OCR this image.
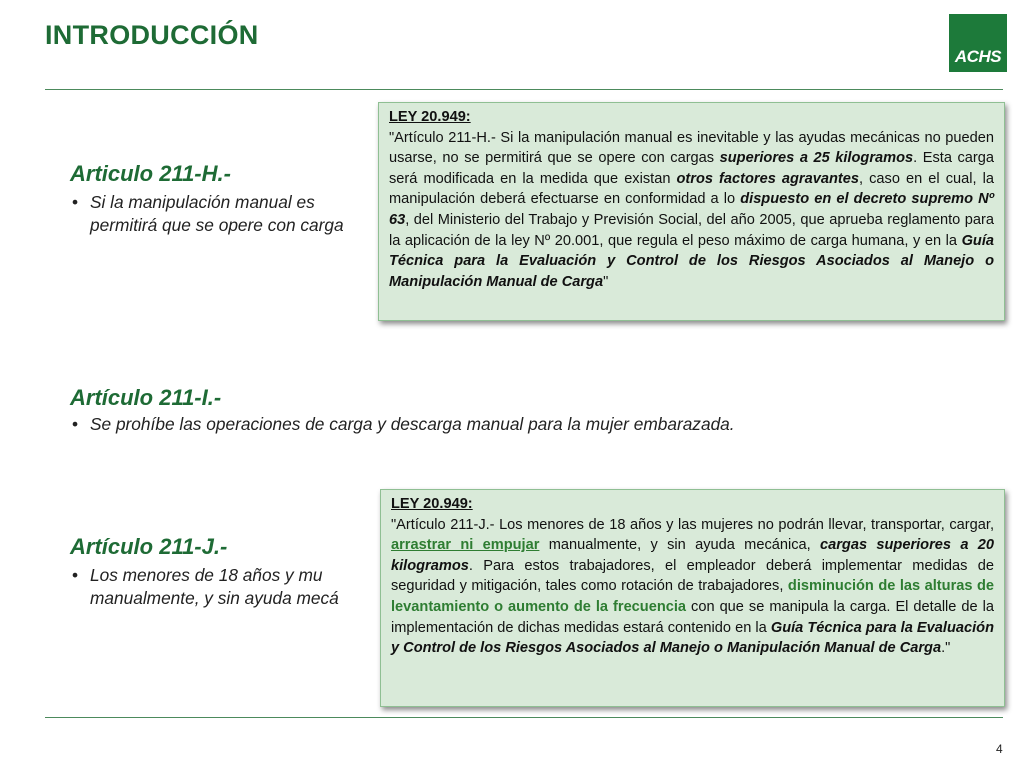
INTRODUCCIÓN
ACHS
Articulo 211-H.-
• Si la manipulación manual es
permitirá que se opere con carga
Artículo 211-I.-
• Se prohíbe las operaciones de carga y descarga manual para la mujer embarazada.
Artículo 211-J.-
• Los menores de 18 años y mu
manualmente, y sin ayuda mecá
LEY 20.949:
"Artículo 211-H.- Si la manipulación manual es inevitable y las ayudas mecánicas no pueden usarse, no se permitirá que se opere con cargas superiores a 25 kilogramos. Esta carga será modificada en la medida que existan otros factores agravantes, caso en el cual, la manipulación deberá efectuarse en conformidad a lo dispuesto en el decreto supremo Nº 63, del Ministerio del Trabajo y Previsión Social, del año 2005, que aprueba reglamento para la aplicación de la ley Nº 20.001, que regula el peso máximo de carga humana, y en la Guía Técnica para la Evaluación y Control de los Riesgos Asociados al Manejo o Manipulación Manual de Carga"
LEY 20.949:
"Artículo 211-J.- Los menores de 18 años y las mujeres no podrán llevar, transportar, cargar, arrastrar ni empujar manualmente, y sin ayuda mecánica, cargas superiores a 20 kilogramos. Para estos trabajadores, el empleador deberá implementar medidas de seguridad y mitigación, tales como rotación de trabajadores, disminución de las alturas de levantamiento o aumento de la frecuencia con que se manipula la carga. El detalle de la implementación de dichas medidas estará contenido en la Guía Técnica para la Evaluación y Control de los Riesgos Asociados al Manejo o Manipulación Manual de Carga."
4
